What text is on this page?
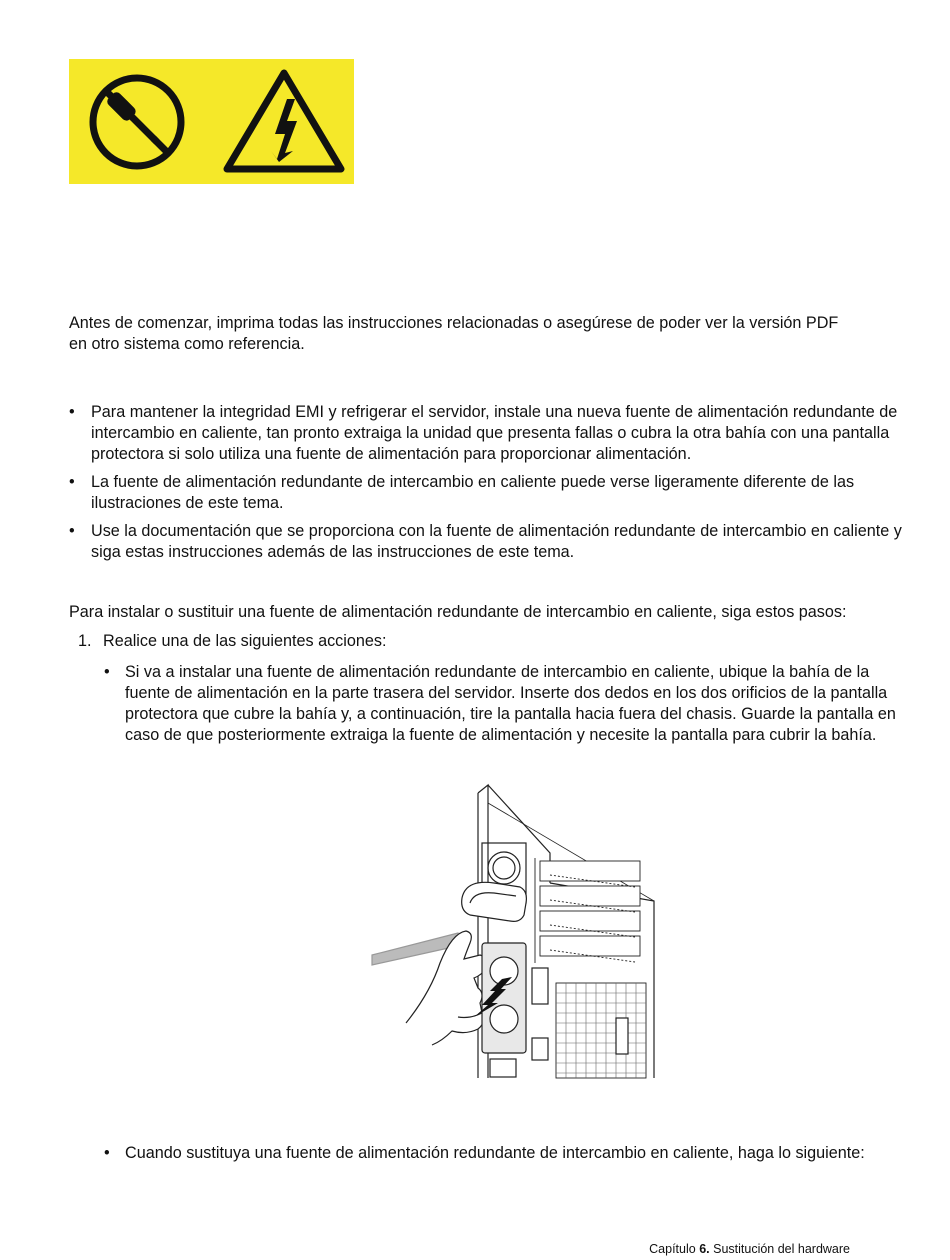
Antes de comenzar, imprima todas las instrucciones relacionadas o asegúrese de poder ver la versión PDF
en otro sistema como referencia.

• Para mantener la integridad EMI y refrigerar el servidor, instale una nueva fuente de alimentación redundante de intercambio en caliente, tan pronto extraiga la unidad que presenta fallas o cubra la otra bahía con una pantalla protectora si solo utiliza una fuente de alimentación para proporcionar alimentación.
• La fuente de alimentación redundante de intercambio en caliente puede verse ligeramente diferente de las ilustraciones de este tema.
• Use la documentación que se proporciona con la fuente de alimentación redundante de intercambio en caliente y siga estas instrucciones además de las instrucciones de este tema.

Para instalar o sustituir una fuente de alimentación redundante de intercambio en caliente, siga estos pasos:

1. Realice una de las siguientes acciones:
• Si va a instalar una fuente de alimentación redundante de intercambio en caliente, ubique la bahía de la fuente de alimentación en la parte trasera del servidor. Inserte dos dedos en los dos orificios de la pantalla protectora que cubre la bahía y, a continuación, tire la pantalla hacia fuera del chasis. Guarde la pantalla en caso de que posteriormente extraiga la fuente de alimentación y necesite la pantalla para cubrir la bahía.
• Cuando sustituya una fuente de alimentación redundante de intercambio en caliente, haga lo siguiente:
Capítulo 6. Sustitución del hardware
